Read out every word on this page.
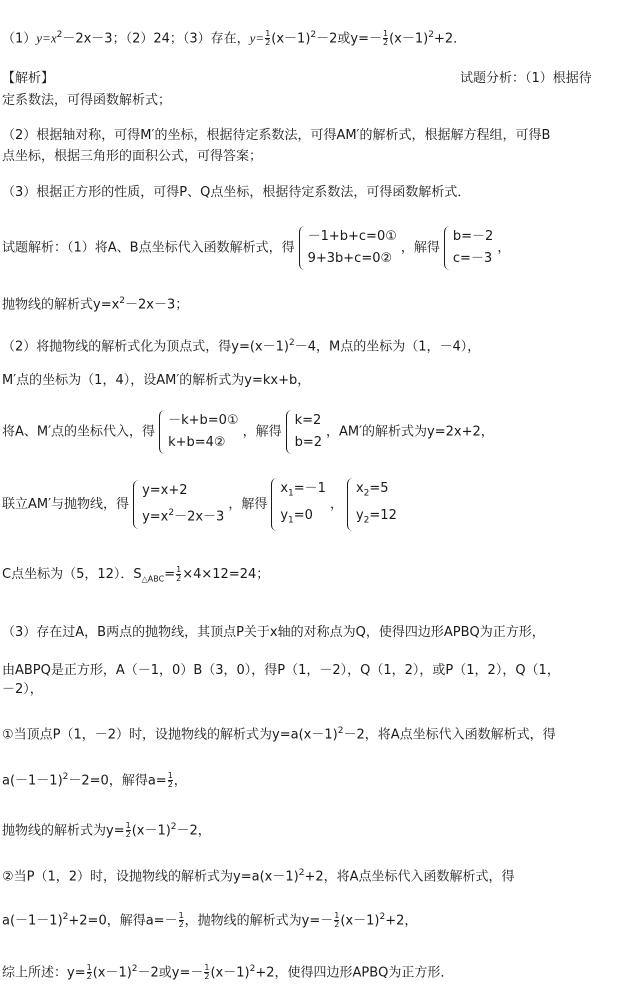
$(1)y=x^2-2x-3$；（2）24；（3）存在，$y= \frac{1}{2} (x-1)^2-2$或$y=- \frac{1}{2} (x-1)^2+2$．
【解析】	试题分析：（1）根据待
定系数法，可得函数解析式；
（2）根据轴对称，可得M′的坐标，根据待定系数法，可得AM′的解析式，根据解方程组，可得B
点坐标，根据三角形的面积公式，可得答案；
（3）根据正方形的性质，可得P、Q点坐标，根据待定系数法，可得函数解析式．
试题解析：（1）将A、B点坐标代入函数解析式，得
－1+b+c=0①
9+3b+c=0②
，解得
b=－2
c=－3
，
抛物线的解析式$y=x^2-2x-3$；
（2）将抛物线的解析式化为顶点式，得$y=(x-1)^2-4$，M点的坐标为（1，－4），
M′点的坐标为（1，4），设AM′的解析式为y=kx+b，
将A、M′点的坐标代入，得
－k+b=0①
k+b=4②
，解得
k=2
b=2
，AM′的解析式为y=2x+2，
联立AM′与抛物线，得
y=x+2
$y=x^2-2x-3$
，解得
$x_1=-1$
$y_1=0$
，
$x_2=5$
$y_2=12$
C点坐标为（5，12）．$S_{\triangle ABC}= \frac{1}{2} \times 4\times 12=24$；
（3）存在过A，B两点的抛物线，其顶点P关于x轴的对称点为Q，使得四边形APBQ为正方形，
由ABPQ是正方形，A（－1，0）B（3，0），得P（1，－2），Q（1，2），或P（1，2），Q（1，
－2），
①当顶点P（1，－2）时，设抛物线的解析式为$y=a(x-1)^2-2$，将A点坐标代入函数解析式，得
$a(-1-1)^2-2=0$，解得$a= \frac{1}{2}$ ，
抛物线的解析式为$y= \frac{1}{2} (x-1)^2-2$，
②当P（1，2）时，设抛物线的解析式为$y=a(x-1)^2+2$，将A点坐标代入函数解析式，得
$a(-1-1)^2+2=0$，解得$a=- \frac{1}{2}$ ，抛物线的解析式为$y=- \frac{1}{2} (x-1)^2+2$，
综上所述：$y= \frac{1}{2} (x-1)^2-2$或$y=- \frac{1}{2} (x-1)^2+2$，使得四边形APBQ为正方形．
